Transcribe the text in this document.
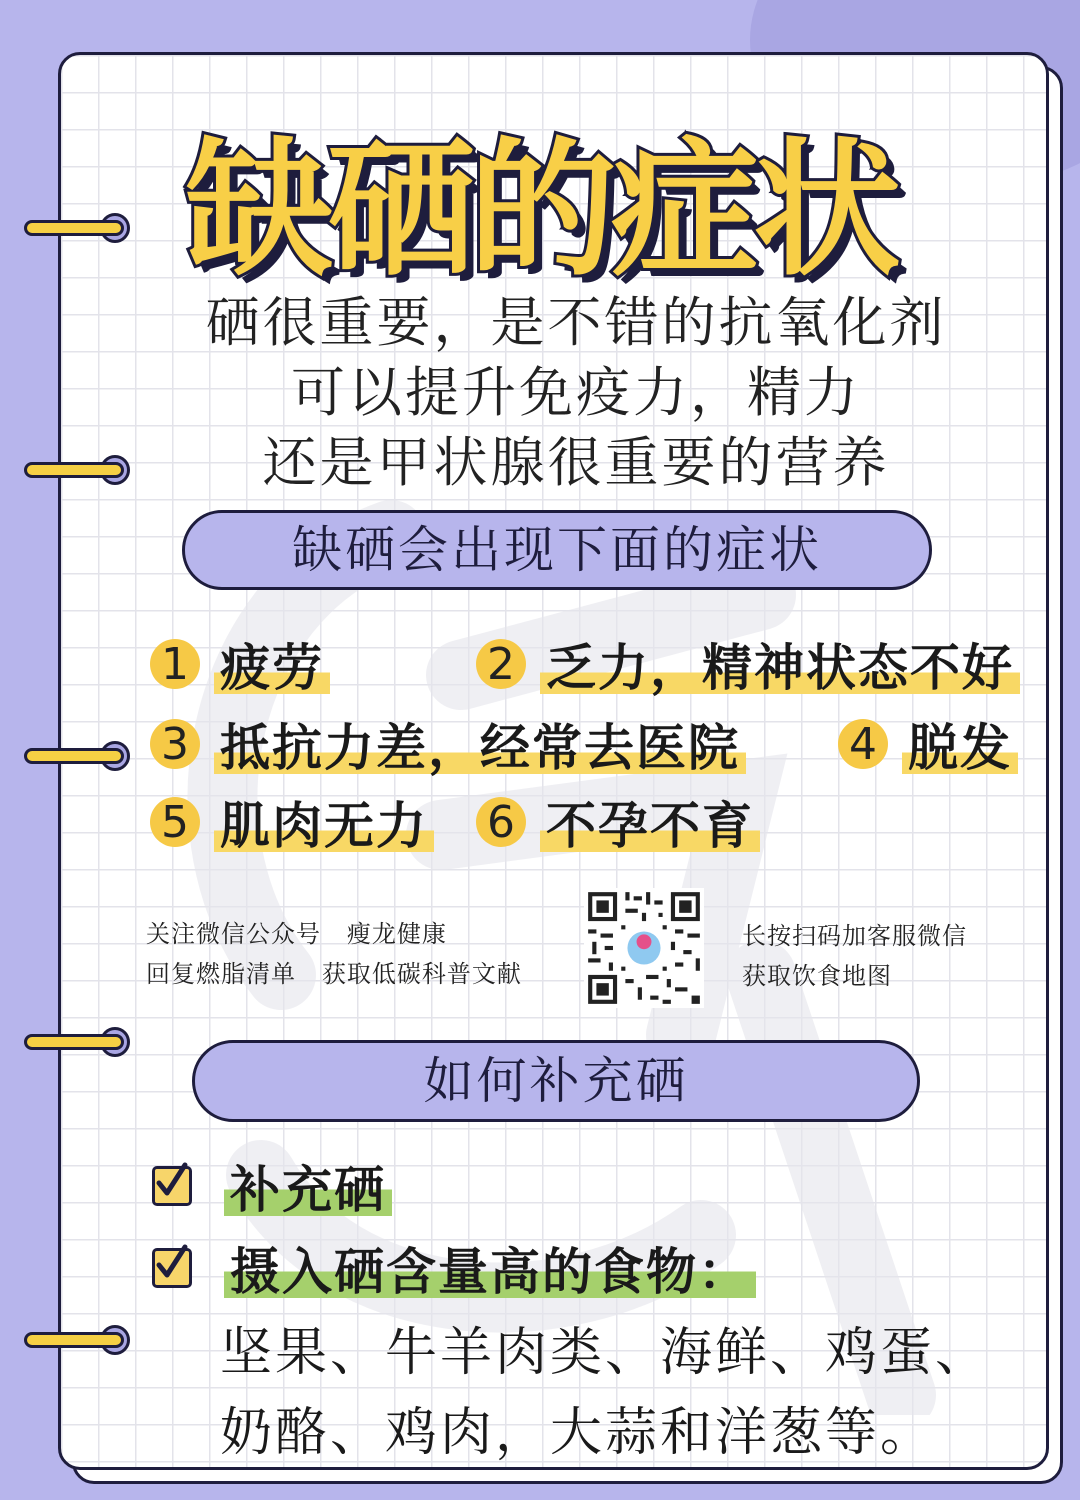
缺硒的症状
硒很重要，是不错的抗氧化剂
可以提升免疫力，精力
还是甲状腺很重要的营养
缺硒会出现下面的症状
1 疲劳	2 乏力，精神状态不好
3 抵抗力差，经常去医院 4 脱发
5 肌肉无力 6 不孕不育
关注微信公众号   瘦龙健康
回复燃脂清单   获取低碳科普文献
长按扫码加客服微信
获取饮食地图
如何补充硒
补充硒
摄入硒含量高的食物：
坚果、牛羊肉类、海鲜、鸡蛋、
奶酪、鸡肉，大蒜和洋葱等。
